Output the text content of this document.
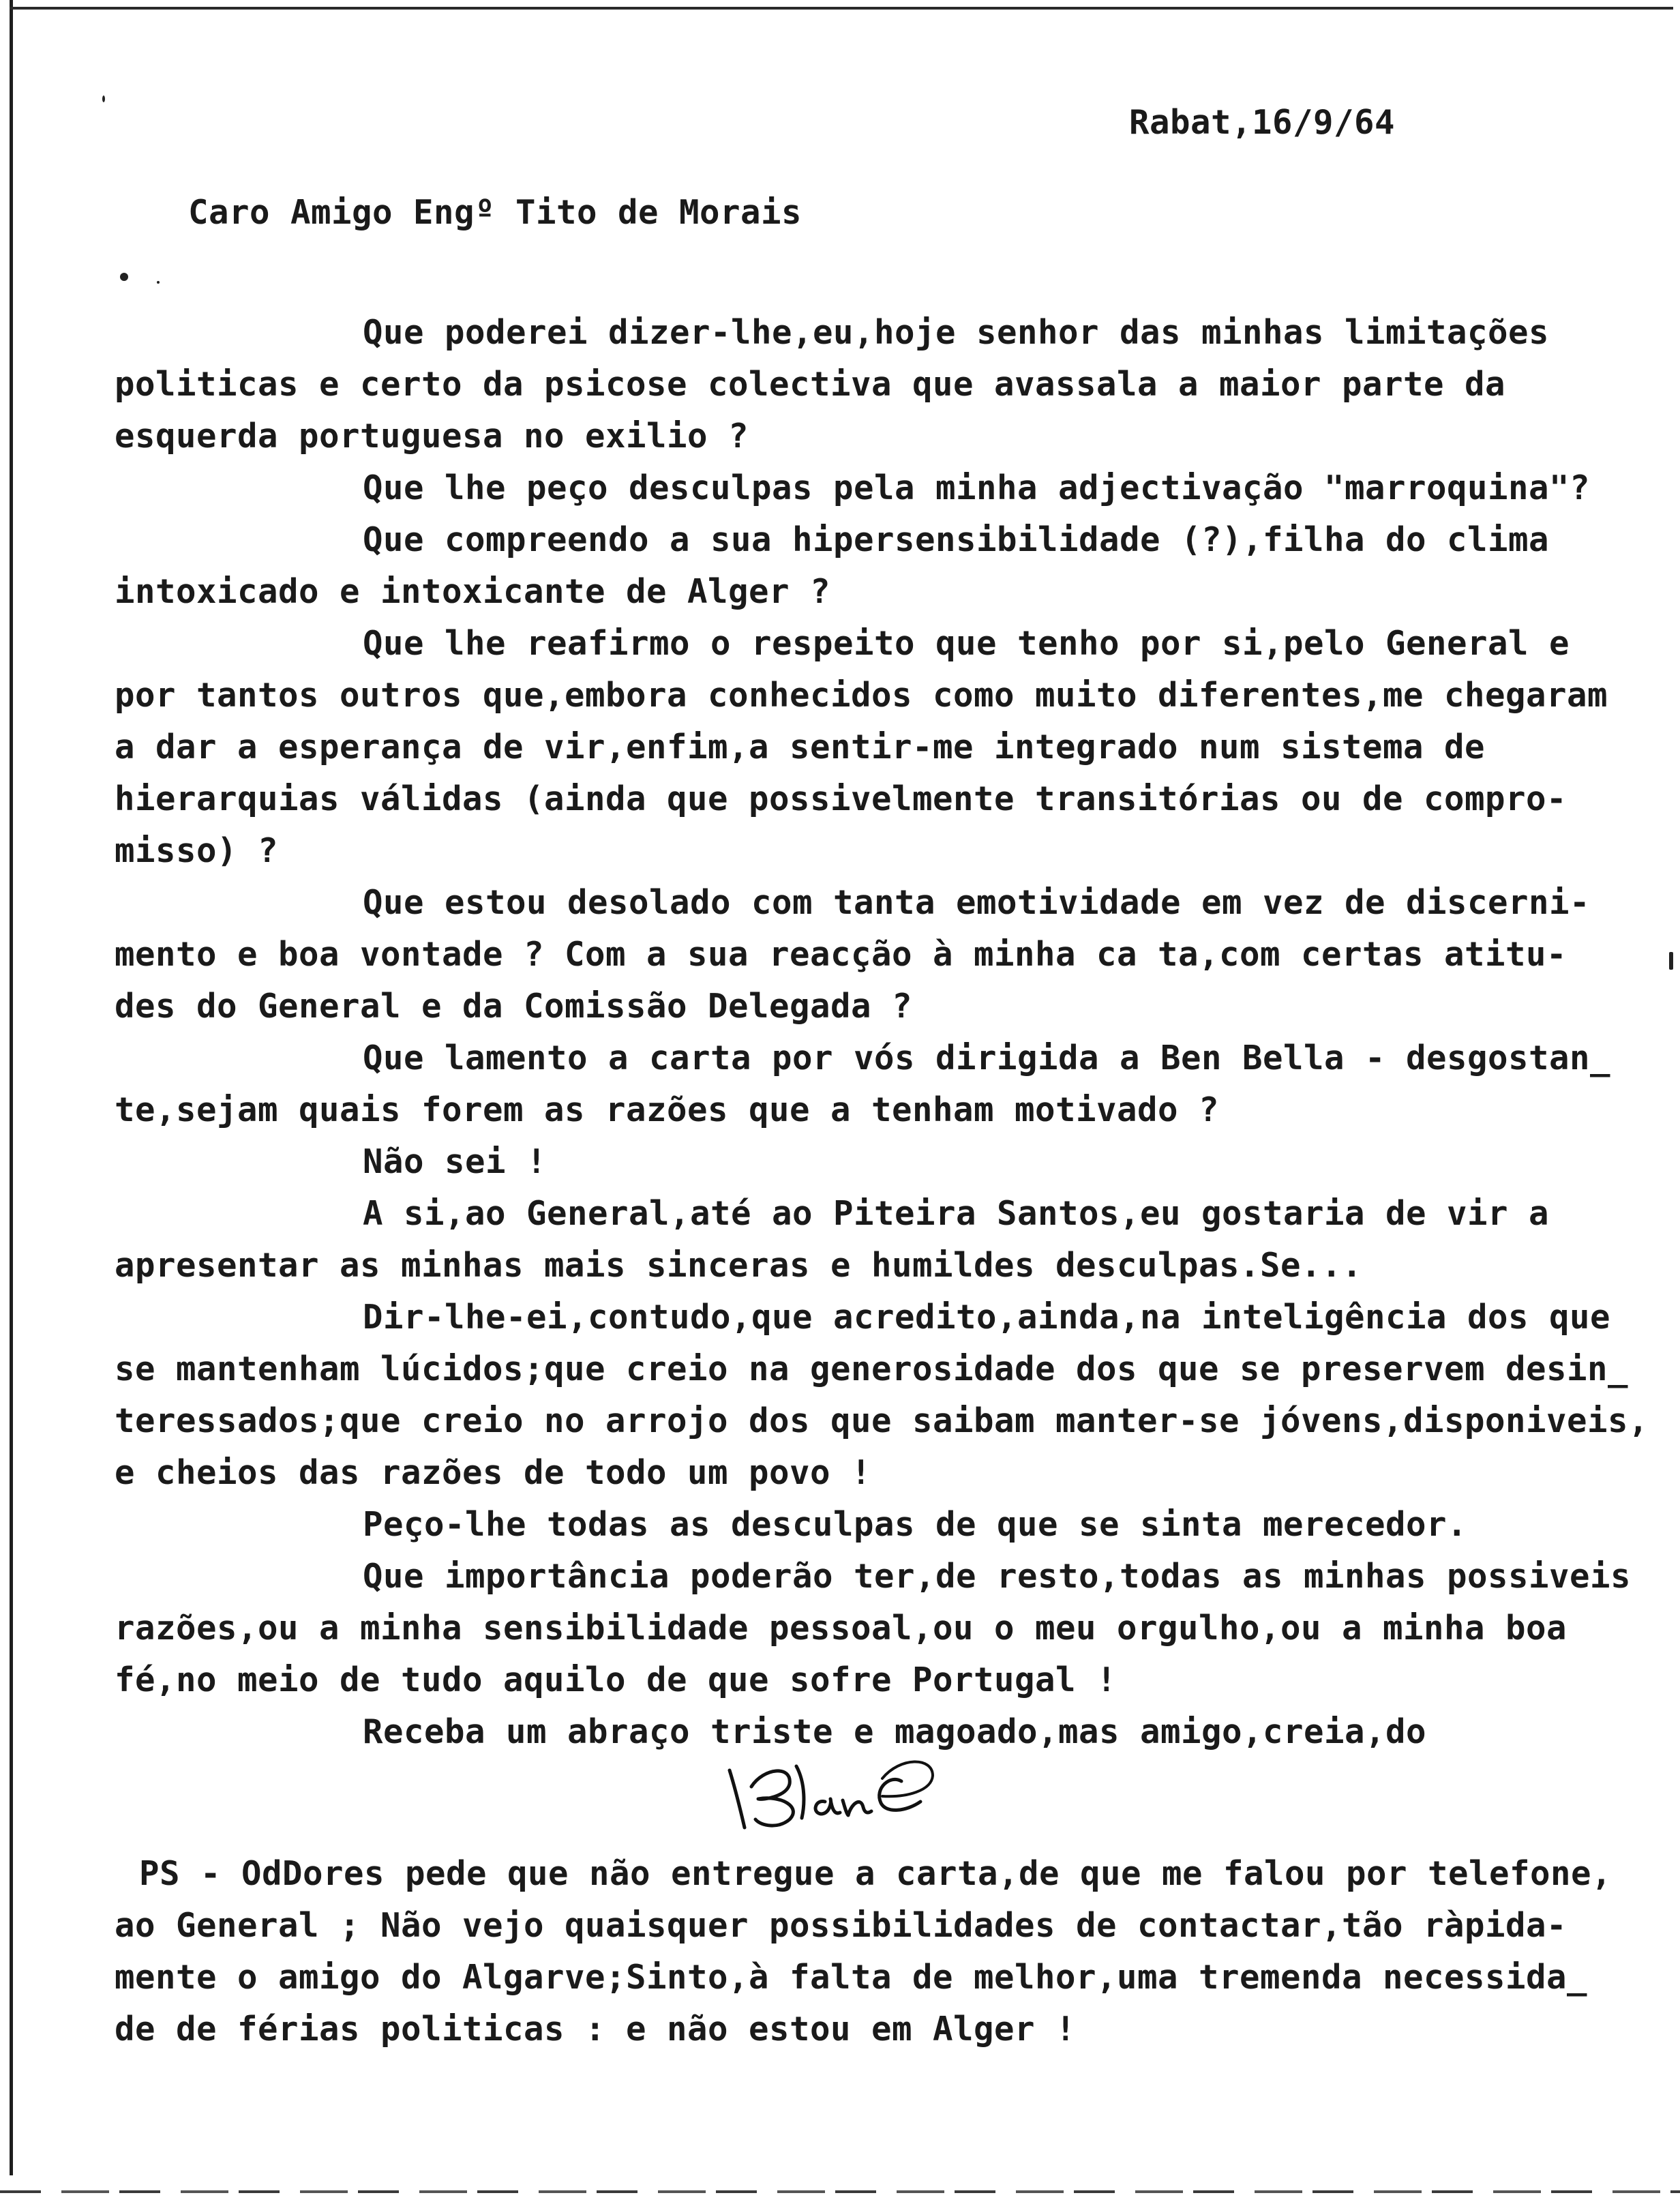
Rabat,16/9/64

Caro Amigo Engº Tito de Morais

Que poderei dizer-lhe,eu,hoje senhor das minhas limitações

politicas e certo da psicose colectiva que avassala a maior parte da

esquerda portuguesa no exilio ?

Que lhe peço desculpas pela minha adjectivação "marroquina"?

Que compreendo a sua hipersensibilidade (?),filha do clima

intoxicado e intoxicante de Alger ?

Que lhe reafirmo o respeito que tenho por si,pelo General e

por tantos outros que,embora conhecidos como muito diferentes,me chegaram

a dar a esperança de vir,enfim,a sentir-me integrado num sistema de

hierarquias válidas (ainda que possivelmente transitórias ou de compro-

misso) ?

Que estou desolado com tanta emotividade em vez de discerni-

mento e boa vontade ? Com a sua reacção à minha ca ta,com certas atitu-

des do General e da Comissão Delegada ?

Que lamento a carta por vós dirigida a Ben Bella - desgostan_

te,sejam quais forem as razões que a tenham motivado ?

Não sei !

A si,ao General,até ao Piteira Santos,eu gostaria de vir a

apresentar as minhas mais sinceras e humildes desculpas.Se...

Dir-lhe-ei,contudo,que acredito,ainda,na inteligência dos que

se mantenham lúcidos;que creio na generosidade dos que se preservem desin_

teressados;que creio no arrojo dos que saibam manter-se jóvens,disponiveis,

e cheios das razões de todo um povo !

Peço-lhe todas as desculpas de que se sinta merecedor.

Que importância poderão ter,de resto,todas as minhas possiveis

razões,ou a minha sensibilidade pessoal,ou o meu orgulho,ou a minha boa

fé,no meio de tudo aquilo de que sofre Portugal !

Receba um abraço triste e magoado,mas amigo,creia,do

PS - OdDores pede que não entregue a carta,de que me falou por telefone,

ao General ; Não vejo quaisquer possibilidades de contactar,tão ràpida-

mente o amigo do Algarve;Sinto,à falta de melhor,uma tremenda necessida_

de de férias politicas : e não estou em Alger !
